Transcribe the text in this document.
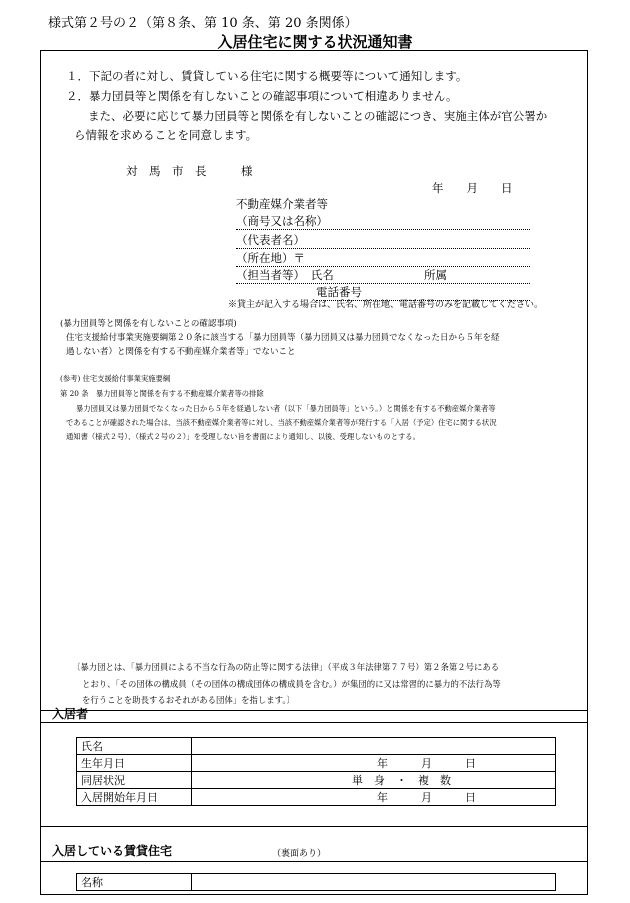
様式第２号の２（第８条、第 10 条、第 20 条関係）
入居住宅に関する状況通知書
１．下記の者に対し、賃貸している住宅に関する概要等について通知します。
２．暴力団員等と関係を有しないことの確認事項について相違ありません。
また、必要に応じて暴力団員等と関係を有しないことの確認につき、実施主体が官公署か
ら情報を求めることを同意します。
対　馬　市　長　　　様
年　　月　　日
不動産媒介業者等
（商号又は名称）
（代表者名）
（所在地）〒
（担当者等）　氏名	所属
電話番号
※貸主が記入する場合は、氏名、所在地、電話番号のみを記載してください。
(暴力団員等と関係を有しないことの確認事項)
住宅支援給付事業実施要綱第２０条に該当する「暴力団員等（暴力団員又は暴力団員でなくなった日から５年を経
過しない者）と関係を有する不動産媒介業者等」でないこと
(参考) 住宅支援給付事業実施要綱
第 20 条　暴力団員等と関係を有する不動産媒介業者等の排除
暴力団員又は暴力団員でなくなった日から５年を経過しない者（以下「暴力団員等」という。）と関係を有する不動産媒介業者等
であることが確認された場合は、当該不動産媒介業者等に対し、当該不動産媒介業者等が発行する「入居（予定）住宅に関する状況
通知書（様式２号）、（様式２号の２）」を受理しない旨を書面により通知し、以後、受理しないものとする。
〔暴力団とは、「暴力団員による不当な行為の防止等に関する法律」（平成３年法律第７７号）第２条第２号にある
とおり、「その団体の構成員（その団体の構成団体の構成員を含む。）が集団的に又は常習的に暴力的不法行為等
を行うことを助長するおそれがある団体」を指します。〕
入居者
氏名	
生年月日	年　　　月　　　日
同居状況	単　身　・　複　数
入居開始年月日	年　　　月　　　日
入居している賃貸住宅	（裏面あり）
名称	
